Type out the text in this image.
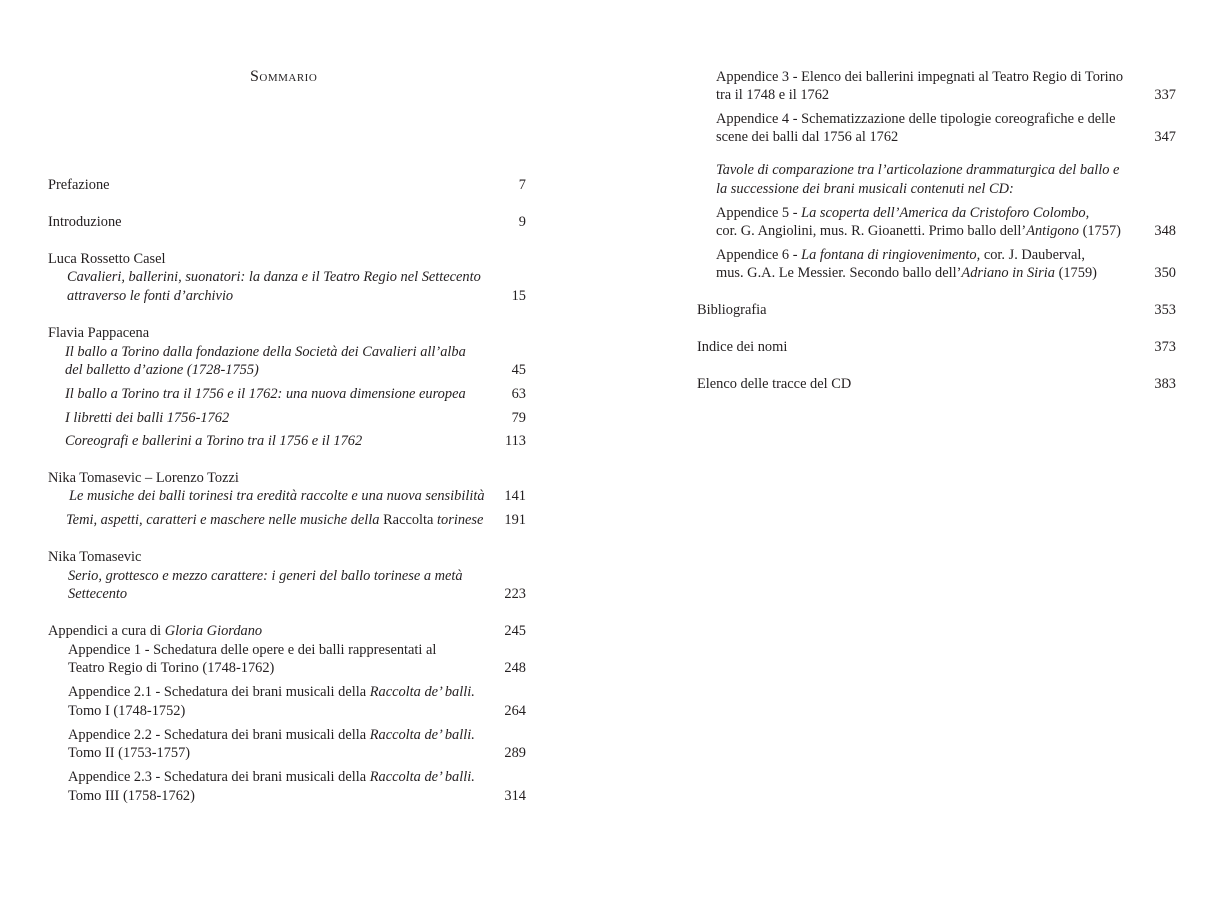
Sommario
Prefazione	7
Introduzione	9
Luca Rossetto Casel
Cavalieri, ballerini, suonatori: la danza e il Teatro Regio nel Settecento
attraverso le fonti d’archivio	15
Flavia Pappacena
Il ballo a Torino dalla fondazione della Società dei Cavalieri all’alba
del balletto d’azione (1728-1755)	45
Il ballo a Torino tra il 1756 e il 1762: una nuova dimensione europea	63
I libretti dei balli 1756-1762	79
Coreografi e ballerini a Torino tra il 1756 e il 1762	113
Nika Tomasevic – Lorenzo Tozzi
Le musiche dei balli torinesi tra eredità raccolte e una nuova sensibilità	141
Temi, aspetti, caratteri e maschere nelle musiche della Raccolta torinese	191
Nika Tomasevic
Serio, grottesco e mezzo carattere: i generi del ballo torinese a metà
Settecento	223
Appendici a cura di Gloria Giordano	245
Appendice 1 - Schedatura delle opere e dei balli rappresentati al
Teatro Regio di Torino (1748-1762)	248
Appendice 2.1 - Schedatura dei brani musicali della Raccolta de’ balli.
Tomo I (1748-1752)	264
Appendice 2.2 - Schedatura dei brani musicali della Raccolta de’ balli.
Tomo II (1753-1757)	289
Appendice 2.3 - Schedatura dei brani musicali della Raccolta de’ balli.
Tomo III (1758-1762)	314
Appendice 3 - Elenco dei ballerini impegnati al Teatro Regio di Torino
tra il 1748 e il 1762	337
Appendice 4 - Schematizzazione delle tipologie coreografiche e delle
scene dei balli dal 1756 al 1762	347
Tavole di comparazione tra l’articolazione drammaturgica del ballo e
la successione dei brani musicali contenuti nel CD:
Appendice 5 - La scoperta dell’America da Cristoforo Colombo,
cor. G. Angiolini, mus. R. Gioanetti. Primo ballo dell’Antigono (1757)	348
Appendice 6 - La fontana di ringiovenimento, cor. J. Dauberval,
mus. G.A. Le Messier. Secondo ballo dell’Adriano in Siria (1759)	350
Bibliografia	353
Indice dei nomi	373
Elenco delle tracce del CD	383
